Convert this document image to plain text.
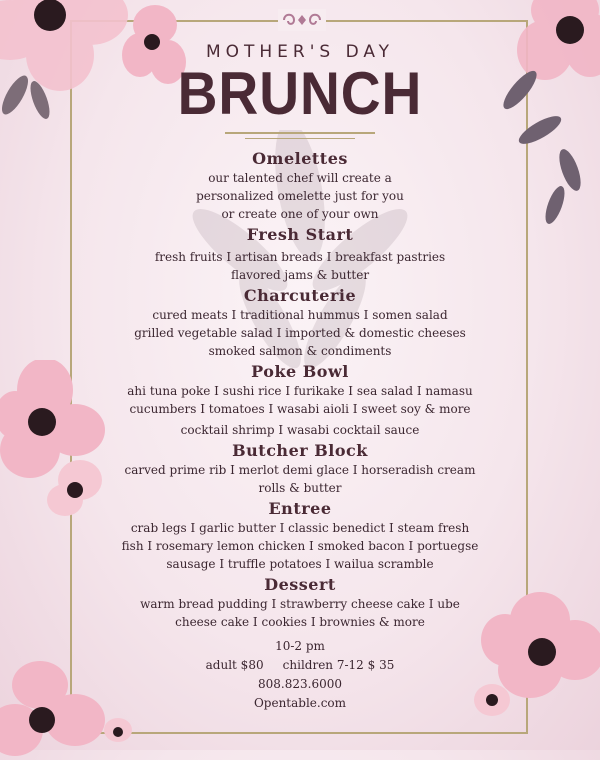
MOTHER'S DAY
BRUNCH
Omelettes
our talented chef will create a
personalized omelette just for you
or create one of your own
Fresh Start
fresh fruits I artisan breads I breakfast pastries
flavored jams & butter
Charcuterie
cured meats I traditional hummus I somen salad
grilled vegetable salad I imported & domestic cheeses
smoked salmon & condiments
Poke Bowl
ahi tuna poke I sushi rice I furikake I sea salad I namasu
cucumbers I tomatoes I wasabi aioli I sweet soy & more
cocktail shrimp I wasabi cocktail sauce
Butcher Block
carved prime rib I merlot demi glace I horseradish cream
rolls & butter
Entree
crab legs I garlic butter I classic benedict I steam fresh
fish I rosemary lemon chicken I smoked bacon I portuegse
sausage I truffle potatoes I wailua scramble
Dessert
warm bread pudding I strawberry cheese cake I ube
cheese cake I cookies I brownies & more
10-2 pm
adult $80     children 7-12 $ 35
808.823.6000
Opentable.com
